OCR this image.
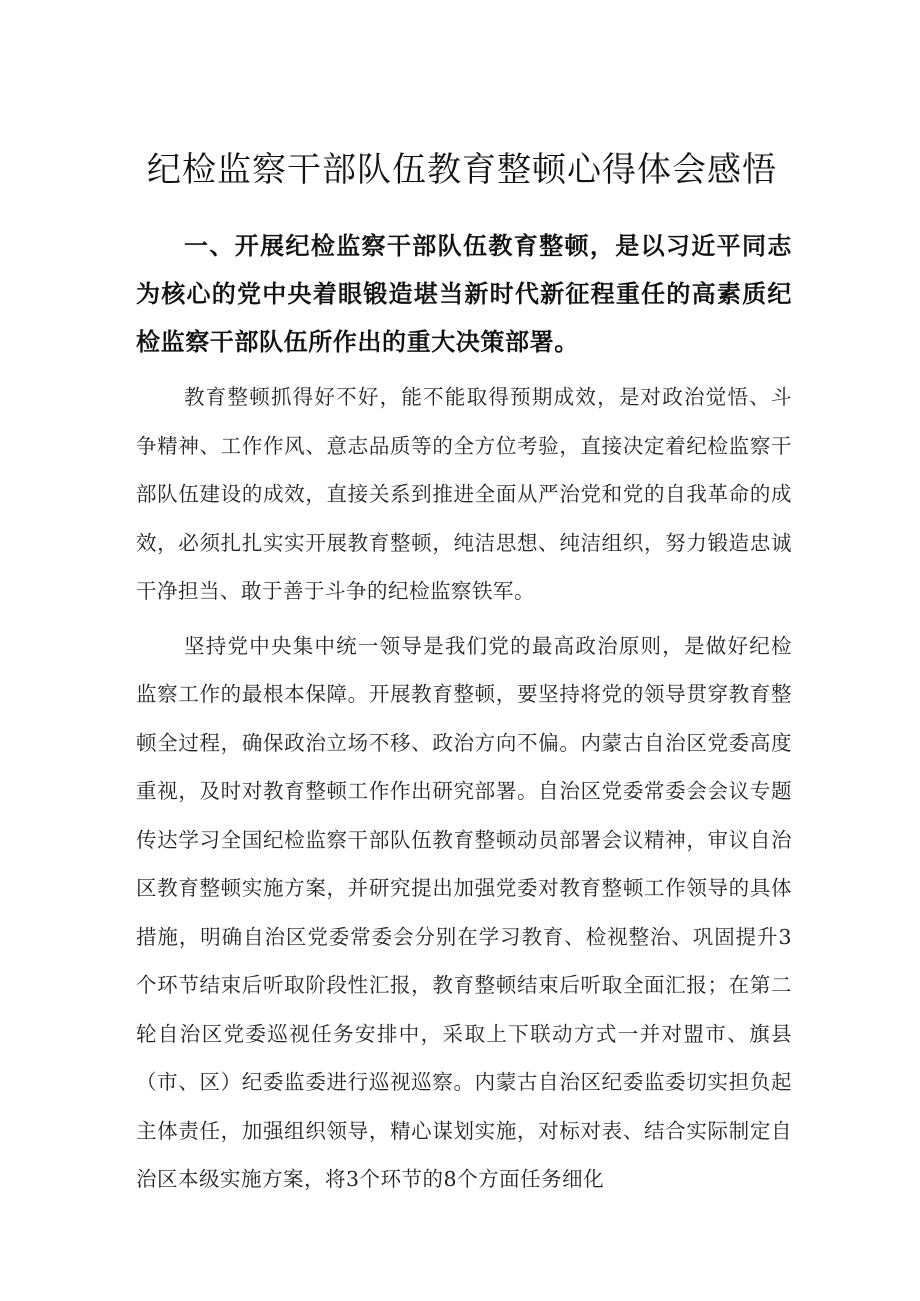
纪检监察干部队伍教育整顿心得体会感悟
一、开展纪检监察干部队伍教育整顿，是以习近平同志为核心的党中央着眼锻造堪当新时代新征程重任的高素质纪检监察干部队伍所作出的重大决策部署。
教育整顿抓得好不好，能不能取得预期成效，是对政治觉悟、斗争精神、工作作风、意志品质等的全方位考验，直接决定着纪检监察干部队伍建设的成效，直接关系到推进全面从严治党和党的自我革命的成效，必须扎扎实实开展教育整顿，纯洁思想、纯洁组织，努力锻造忠诚干净担当、敢于善于斗争的纪检监察铁军。
坚持党中央集中统一领导是我们党的最高政治原则，是做好纪检监察工作的最根本保障。开展教育整顿，要坚持将党的领导贯穿教育整顿全过程，确保政治立场不移、政治方向不偏。内蒙古自治区党委高度重视，及时对教育整顿工作作出研究部署。自治区党委常委会会议专题传达学习全国纪检监察干部队伍教育整顿动员部署会议精神，审议自治区教育整顿实施方案，并研究提出加强党委对教育整顿工作领导的具体措施，明确自治区党委常委会分别在学习教育、检视整治、巩固提升3个环节结束后听取阶段性汇报，教育整顿结束后听取全面汇报；在第二轮自治区党委巡视任务安排中，采取上下联动方式一并对盟市、旗县（市、区）纪委监委进行巡视巡察。内蒙古自治区纪委监委切实担负起主体责任，加强组织领导，精心谋划实施，对标对表、结合实际制定自治区本级实施方案，将3个环节的8个方面任务细化
